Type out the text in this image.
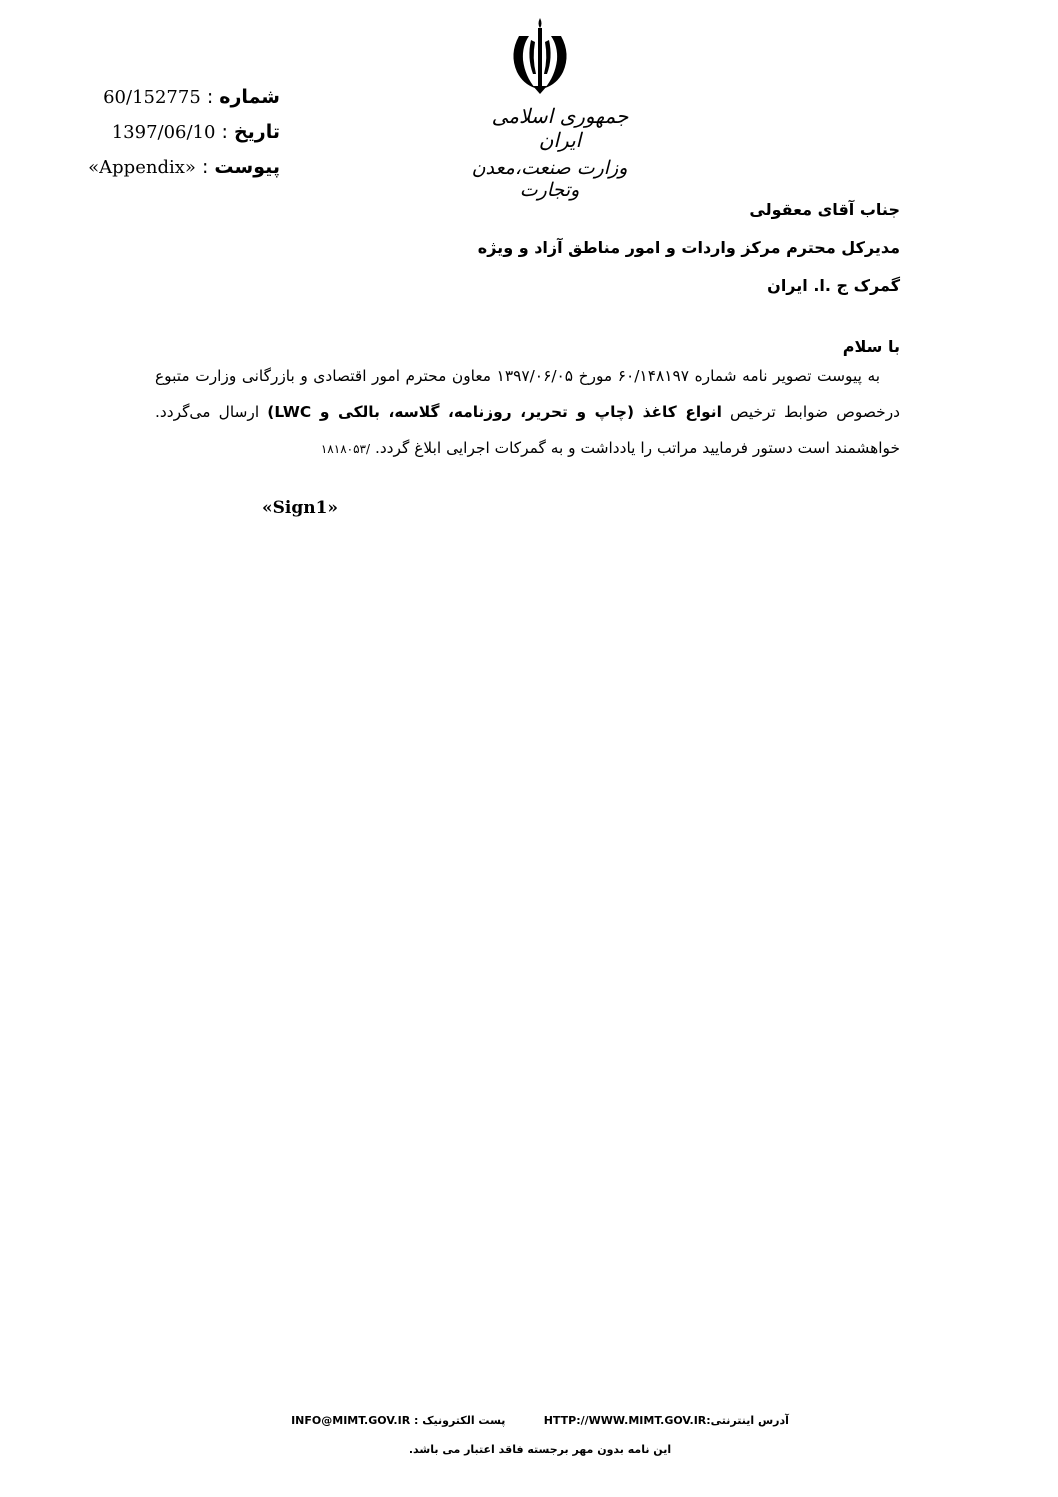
جمهوری اسلامی ایران
وزارت صنعت،معدن وتجارت
شماره : 60/152775
تاریخ : 1397/06/10
پیوست : «Appendix»
جناب آقای معقولی
مدیرکل محترم مرکز واردات و امور مناطق آزاد و ویژه
گمرک ج .ا. ایران
با سلام

به پیوست تصویر نامه شماره ۶۰/۱۴۸۱۹۷ مورخ ۱۳۹۷/۰۶/۰۵ معاون محترم امور اقتصادی و بازرگانی وزارت متبوع درخصوص ضوابط ترخیص انواع کاغذ (چاپ و تحریر، روزنامه، گلاسه، بالکی و LWC) ارسال می‌گردد. خواهشمند است دستور فرمایید مراتب را یادداشت و به گمرکات اجرایی ابلاغ گردد. /۱۸۱۸۰۵۳

«Sign1»
آدرس اینترنتی:HTTP://WWW.MIMT.GOV.IR          پست الکترونیک : INFO@MIMT.GOV.IR
این نامه بدون مهر برجسته فاقد اعتبار می باشد.
